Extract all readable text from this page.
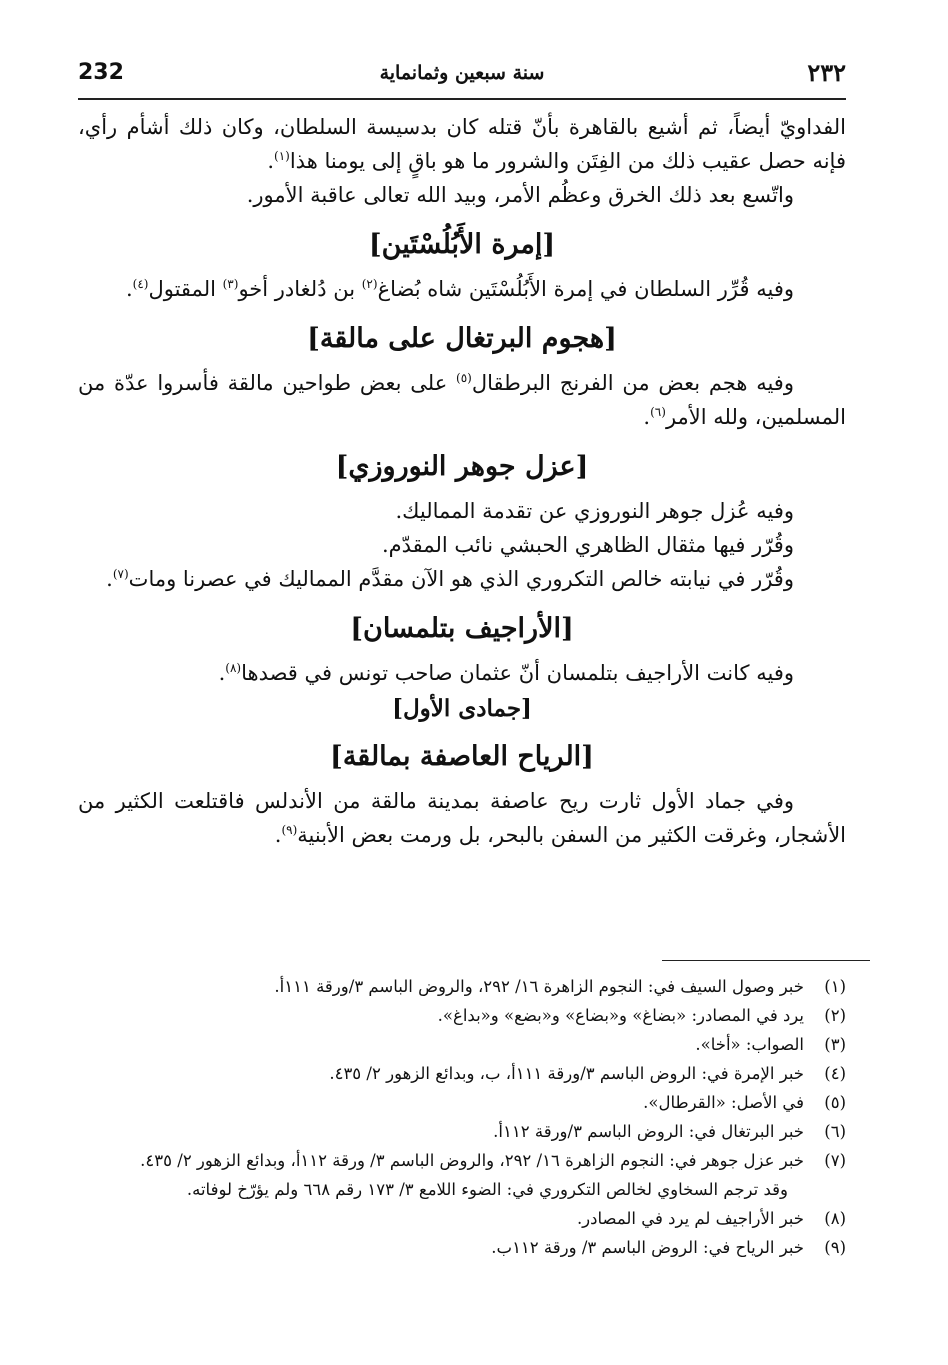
232	سنة سبعين وثمانماية	٢٣٢

الفداويّ أيضاً، ثم أشيع بالقاهرة بأنّ قتله كان بدسيسة السلطان، وكان ذلك أشأم رأي، فإنه حصل عقيب ذلك من الفِتَن والشرور ما هو باقٍ إلى يومنا هذا$^{(١)}$.

واتّسع بعد ذلك الخرق وعظُم الأمر، وبيد الله تعالى عاقبة الأمور.

[إمرة الأَبُلُسْتَين]

وفيه قُرِّر السلطان في إمرة الأَبُلُسْتَين شاه بُضاغ$^{(٢)}$ بن دُلغادر أخو$^{(٣)}$ المقتول$^{(٤)}$.

[هجوم البرتغال على مالقة]

وفيه هجم بعض من الفرنج البرطقال$^{(٥)}$ على بعض طواحين مالقة فأسروا عدّة من المسلمين، ولله الأمر$^{(٦)}$.

[عزل جوهر النوروزي]

وفيه عُزل جوهر النوروزي عن تقدمة المماليك.

وقُرّر فيها مثقال الظاهري الحبشي نائب المقدّم.

وقُرّر في نيابته خالص التكروري الذي هو الآن مقدَّم المماليك في عصرنا ومات$^{(٧)}$.

[الأراجيف بتلمسان]

وفيه كانت الأراجيف بتلمسان أنّ عثمان صاحب تونس في قصدها$^{(٨)}$.

[جمادى الأول]
[الرياح العاصفة بمالقة]

وفي جماد الأول ثارت ريح عاصفة بمدينة مالقة من الأندلس فاقتلعت الكثير من الأشجار، وغرقت الكثير من السفن بالبحر، بل ورمت بعض الأبنية$^{(٩)}$.

(١)
خبر وصول السيف في: النجوم الزاهرة ١٦/ ٢٩٢، والروض الباسم ٣/ورقة ١١١أ.
(٢)
يرد في المصادر: «بضاغ» و«بضاع» و«بضع» و«بداغ».
(٣)
الصواب: «أخا».
(٤)
خبر الإمرة في: الروض الباسم ٣/ورقة ١١١أ، ب، وبدائع الزهور ٢/ ٤٣٥.
(٥)
في الأصل: «القرطال».
(٦)
خبر البرتغال في: الروض الباسم ٣/ورقة ١١٢أ.
(٧)
خبر عزل جوهر في: النجوم الزاهرة ١٦/ ٢٩٢، والروض الباسم ٣/ ورقة ١١٢أ، وبدائع الزهور ٢/ ٤٣٥.
وقد ترجم السخاوي لخالص التكروري في: الضوء اللامع ٣/ ١٧٣ رقم ٦٦٨ ولم يؤرّخ لوفاته.
(٨)
خبر الأراجيف لم يرد في المصادر.
(٩)
خبر الرياح في: الروض الباسم ٣/ ورقة ١١٢ب.
